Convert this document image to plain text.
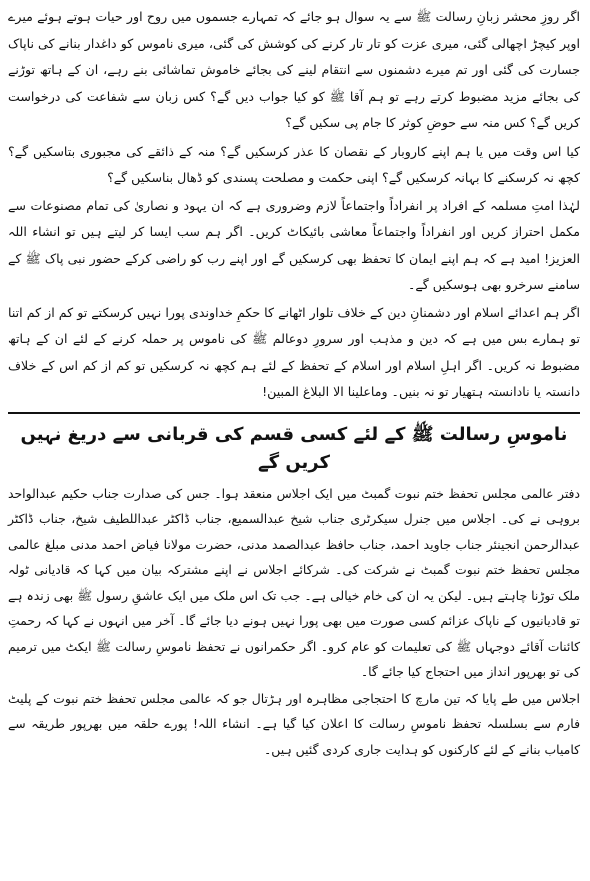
اگر روزِ محشر زبانِ رسالت ﷺ سے یہ سوال ہو جائے کہ تمہارے جسموں میں روح اور حیات ہوتے ہوئے میرے اوپر کیچڑ اچھالی گئی، میری عزت کو تار تار کرنے کی کوشش کی گئی، میری ناموس کو داغدار بنانے کی ناپاک جسارت کی گئی اور تم میرے دشمنوں سے انتقام لینے کی بجائے خاموش تماشائی بنے رہے، ان کے ہاتھ توڑنے کی بجائے مزید مضبوط کرتے رہے تو ہم آقا ﷺ کو کیا جواب دیں گے؟ کس زبان سے شفاعت کی درخواست کریں گے؟ کس منہ سے حوضِ کوثر کا جام پی سکیں گے؟

کیا اس وقت میں یا ہم اپنے کاروبار کے نقصان کا عذر کرسکیں گے؟ منہ کے ذائقے کی مجبوری بتاسکیں گے؟ کچھ نہ کرسکنے کا بہانہ کرسکیں گے؟ اپنی حکمت و مصلحت پسندی کو ڈھال بناسکیں گے؟

لہٰذا امتِ مسلمہ کے افراد پر انفراداً واجتماعاً لازم وضروری ہے کہ ان یہود و نصاریٰ کی تمام مصنوعات سے مکمل احتراز کریں اور انفراداً واجتماعاً معاشی بائیکاٹ کریں۔ اگر ہم سب ایسا کر لیتے ہیں تو انشاء اللہ العزیز! امید ہے کہ ہم اپنے ایمان کا تحفظ بھی کرسکیں گے اور اپنے رب کو راضی کرکے حضور نبی پاک ﷺ کے سامنے سرخرو بھی ہوسکیں گے۔

اگر ہم اعدائے اسلام اور دشمنانِ دین کے خلاف تلوار اٹھانے کا حکمِ خداوندی پورا نہیں کرسکتے تو کم از کم اتنا تو ہمارے بس میں ہے کہ دین و مذہب اور سرورِ دوعالم ﷺ کی ناموس پر حملہ کرنے کے لئے ان کے ہاتھ مضبوط نہ کریں۔ اگر اہلِ اسلام اور اسلام کے تحفظ کے لئے ہم کچھ نہ کرسکیں تو کم از کم اس کے خلاف دانستہ یا نادانستہ ہتھیار تو نہ بنیں۔ وماعلینا الا البلاغ المبین!

ناموسِ رسالت ﷺ کے لئے کسی قسم کی قربانی سے دریغ نہیں کریں گے

دفتر عالمی مجلس تحفظ ختم نبوت گمبٹ میں ایک اجلاس منعقد ہوا۔ جس کی صدارت جناب حکیم عبدالواحد بروہی نے کی۔ اجلاس میں جنرل سیکرٹری جناب شیخ عبدالسمیع، جناب ڈاکٹر عبداللطیف شیخ، جناب ڈاکٹر عبدالرحمن انجینئر جناب جاوید احمد، جناب حافظ عبدالصمد مدنی، حضرت مولانا فیاض احمد مدنی مبلغ عالمی مجلس تحفظ ختم نبوت گمبٹ نے شرکت کی۔ شرکائے اجلاس نے اپنے مشترکہ بیان میں کہا کہ قادیانی ٹولہ ملک توڑنا چاہتے ہیں۔ لیکن یہ ان کی خام خیالی ہے۔ جب تک اس ملک میں ایک عاشقِ رسول ﷺ بھی زندہ ہے تو قادیانیوں کے ناپاک عزائم کسی صورت میں بھی پورا نہیں ہونے دیا جائے گا۔ آخر میں انہوں نے کہا کہ رحمتِ کائنات آقائے دوجہاں ﷺ کی تعلیمات کو عام کرو۔ اگر حکمرانوں نے تحفظ ناموسِ رسالت ﷺ ایکٹ میں ترمیم کی تو بھرپور انداز میں احتجاج کیا جائے گا۔

اجلاس میں طے پایا کہ تین مارچ کا احتجاجی مظاہرہ اور ہڑتال جو کہ عالمی مجلس تحفظ ختم نبوت کے پلیٹ فارم سے بسلسلہ تحفظ ناموسِ رسالت کا اعلان کیا گیا ہے۔ انشاء اللہ! پورے حلقہ میں بھرپور طریقہ سے کامیاب بنانے کے لئے کارکنوں کو ہدایت جاری کردی گئیں ہیں۔
